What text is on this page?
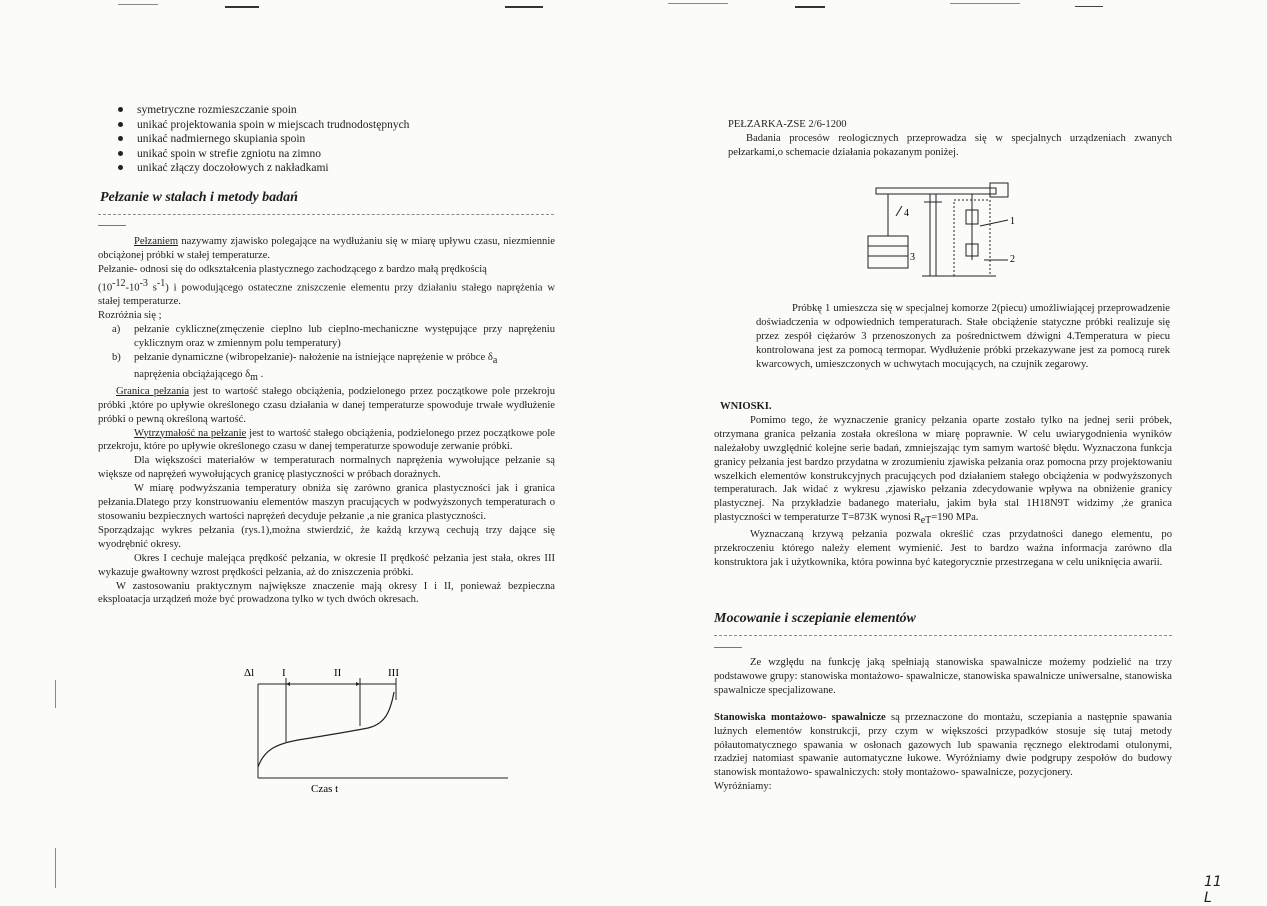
symetryczne rozmieszczanie spoin
unikać projektowania spoin w miejscach trudnodostępnych
unikać nadmiernego skupiania spoin
unikać spoin w strefie zgniotu na zimno
unikać złączy doczołowych z nakładkami
Pełzanie w stalach i metody badań

Pełzaniem nazywamy zjawisko polegające na wydłużaniu się w miarę upływu czasu, niezmiennie obciążonej próbki w stałej temperaturze.

Pełzanie- odnosi się do odkształcenia plastycznego zachodzącego z bardzo małą prędkością

($10^{-12}-10^{-3}$ $s^{-1}$) i powodującego ostateczne zniszczenie elementu przy działaniu stałego naprężenia w stałej temperaturze.

Rozróżnia się ;

a) pełzanie cykliczne(zmęczenie cieplno lub cieplno-mechaniczne występujące przy naprężeniu cyklicznym oraz w zmiennym polu temperatury)
b) pełzanie dynamiczne (wibropełzanie)- nałożenie na istniejące naprężenie w próbce $\delta_a$
naprężenia obciążającego $\delta_m$ .

Granica pełzania jest to wartość stałego obciążenia, podzielonego przez początkowe pole przekroju próbki ,które po upływie określonego czasu działania w danej temperaturze spowoduje trwałe wydłużenie próbki o pewną określoną wartość.

Wytrzymałość na pełzanie jest to wartość stałego obciążenia, podzielonego przez początkowe pole przekroju, które po upływie określonego czasu w danej temperaturze spowoduje zerwanie próbki.

Dla większości materiałów w temperaturach normalnych naprężenia wywołujące pełzanie są większe od naprężeń wywołujących granicę plastyczności w próbach doraźnych.

W miarę podwyższania temperatury obniża się zarówno granica plastyczności jak i granica pełzania.Dlatego przy konstruowaniu elementów maszyn pracujących w podwyższonych temperaturach o stosowaniu bezpiecznych wartości naprężeń decyduje pełzanie ,a nie granica plastyczności.

Sporządzając wykres pełzania (rys.1),można stwierdzić, że każdą krzywą cechują trzy dające się wyodrębnić okresy.

Okres I cechuje malejąca prędkość pełzania, w okresie II prędkość pełzania jest stała, okres III wykazuje gwałtowny wzrost prędkości pełzania, aż do zniszczenia próbki.

W zastosowaniu praktycznym największe znaczenie mają okresy I i II, ponieważ bezpieczna eksploatacja urządzeń może być prowadzona tylko w tych dwóch okresach.

Δl	I	II	III
Czas t

PEŁZARKA-ZSE 2/6-1200

Badania procesów reologicznych przeprowadza się w specjalnych urządzeniach zwanych pełzarkami,o schemacie działania pokazanym poniżej.

1
2
3
4

Próbkę 1 umieszcza się w specjalnej komorze 2(piecu) umożliwiającej przeprowadzenie doświadczenia w odpowiednich temperaturach. Stałe obciążenie statyczne próbki realizuje się przez zespół ciężarów 3 przenoszonych za pośrednictwem dźwigni 4.Temperatura w piecu kontrolowana jest za pomocą termopar. Wydłużenie próbki przekazywane jest za pomocą rurek kwarcowych, umieszczonych w uchwytach mocujących, na czujnik zegarowy.

WNIOSKI.

Pomimo tego, że wyznaczenie granicy pełzania oparte zostało tylko na jednej serii próbek, otrzymana granica pełzania została określona w miarę poprawnie. W celu uwiarygodnienia wyników należałoby uwzględnić kolejne serie badań, zmniejszając tym samym wartość błędu. Wyznaczona funkcja granicy pełzania jest bardzo przydatna w zrozumieniu zjawiska pełzania oraz pomocna przy projektowaniu wszelkich elementów konstrukcyjnych pracujących pod działaniem stałego obciążenia w podwyższonych temperaturach. Jak widać z wykresu ,zjawisko pełzania zdecydowanie wpływa na obniżenie granicy plastycznej. Na przykładzie badanego materiału, jakim była stal 1H18N9T widzimy ,że granica plastyczności w temperaturze T=873K wynosi $R_{eT}=190$ MPa.

Wyznaczaną krzywą pełzania pozwala określić czas przydatności danego elementu, po przekroczeniu którego należy element wymienić. Jest to bardzo ważna informacja zarówno dla konstruktora jak i użytkownika, która powinna być kategorycznie przestrzegana w celu uniknięcia awarii.

Mocowanie i sczepianie elementów

Ze względu na funkcję jaką spełniają stanowiska spawalnicze możemy podzielić na trzy podstawowe grupy: stanowiska montażowo- spawalnicze, stanowiska spawalnicze uniwersalne, stanowiska spawalnicze specjalizowane.

Stanowiska montażowo- spawalnicze są przeznaczone do montażu, sczepiania a następnie spawania luźnych elementów konstrukcji, przy czym w większości przypadków stosuje się tutaj metody półautomatycznego spawania w osłonach gazowych lub spawania ręcznego elektrodami otulonymi, rzadziej natomiast spawanie automatyczne łukowe. Wyróżniamy dwie podgrupy zespołów do budowy stanowisk montażowo- spawalniczych: stoły montażowo- spawalnicze, pozycjonery.

Wyróżniamy:

11 L
